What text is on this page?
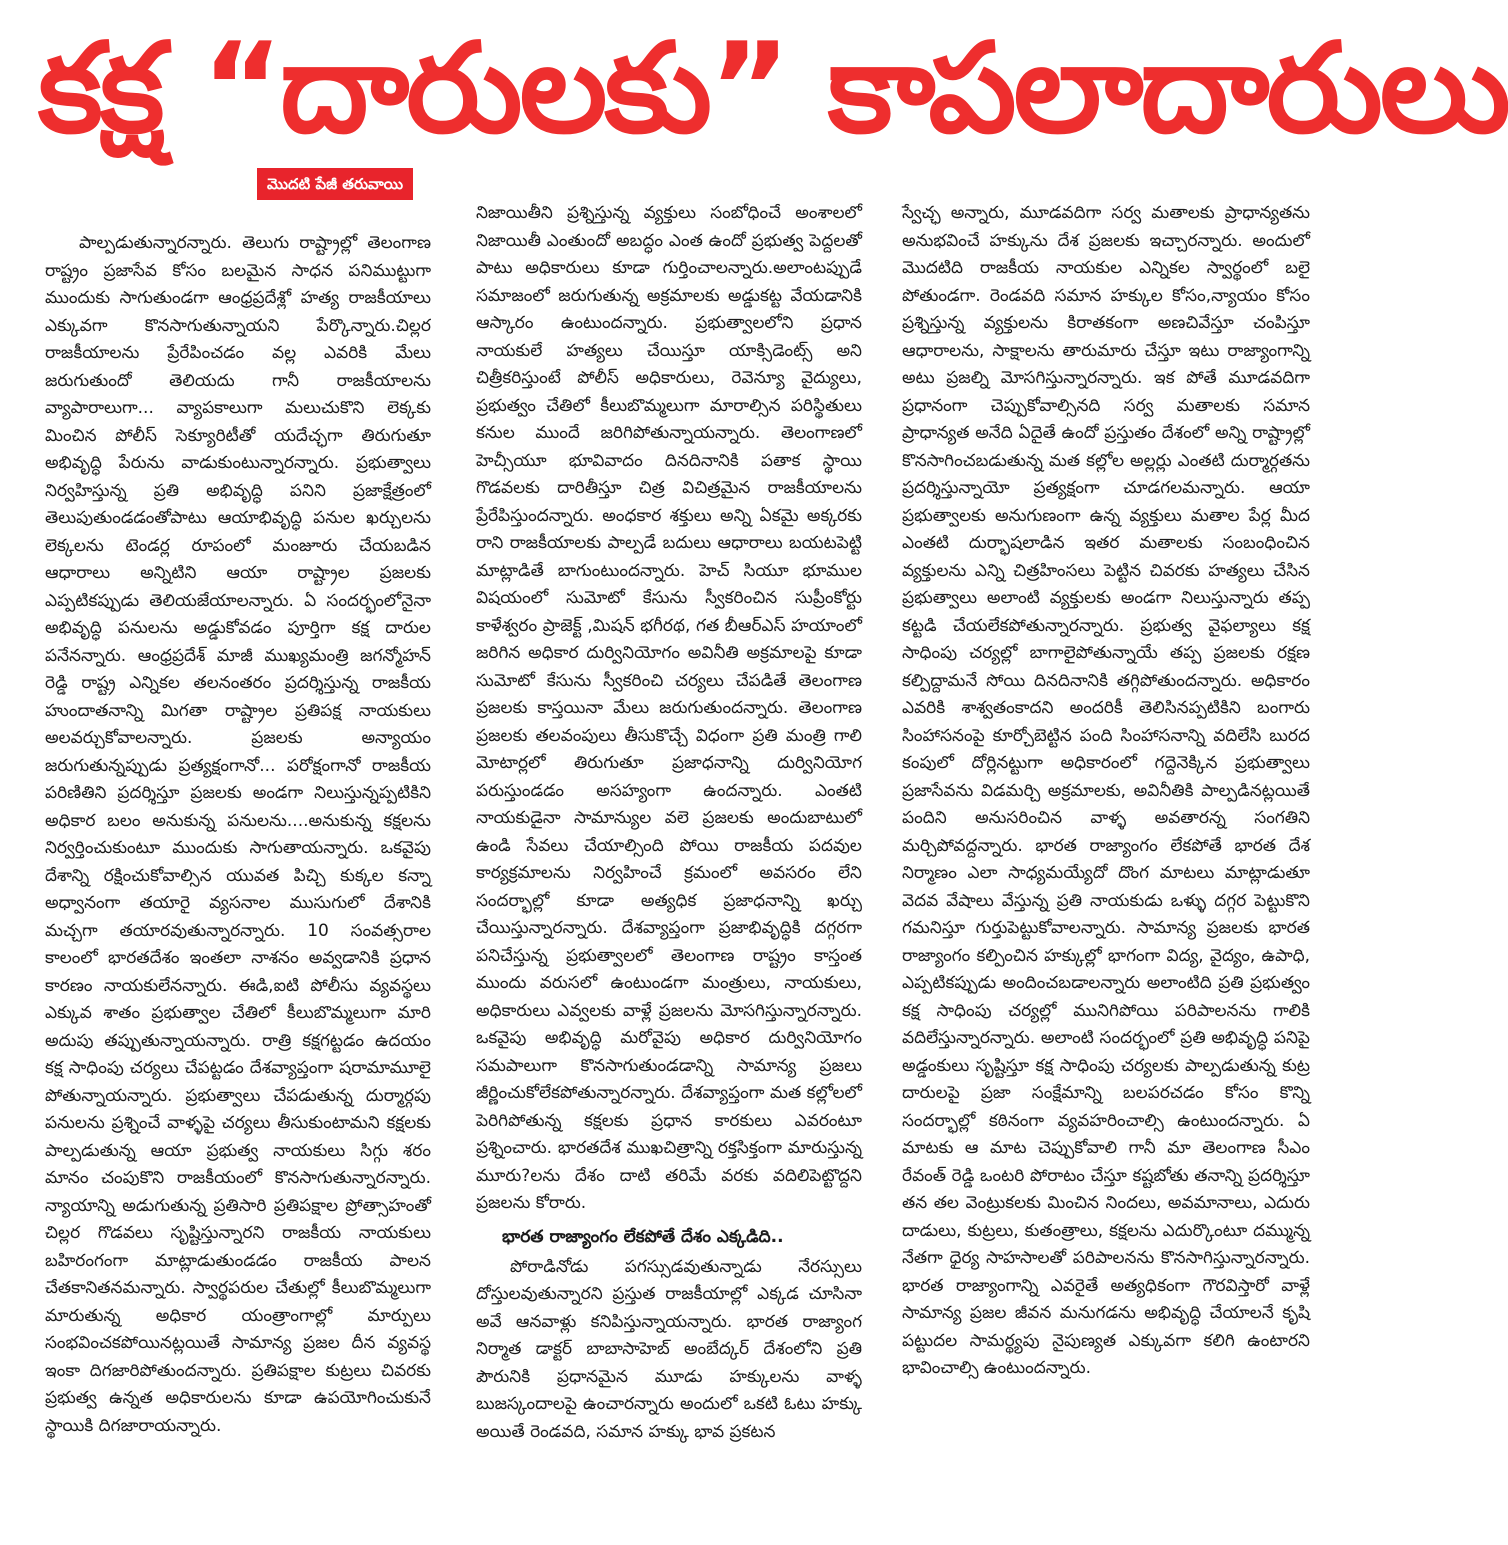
కక్ష “దారులకు” కాపలాదారులు
మొదటి పేజీ తరువాయి

పాల్పడుతున్నారన్నారు. తెలుగు రాష్ట్రాల్లో తెలంగాణ రాష్ట్రం ప్రజాసేవ కోసం బలమైన సాధన పనిముట్టుగా ముందుకు సాగుతుండగా ఆంధ్రప్రదేశ్లో హత్య రాజకీయాలు ఎక్కువగా కొనసాగుతున్నాయని పేర్కొన్నారు.చిల్లర రాజకీయాలను ప్రేరేపించడం వల్ల ఎవరికి మేలు జరుగుతుందో తెలియదు గానీ రాజకీయాలను వ్యాపారాలుగా... వ్యాపకాలుగా మలుచుకొని లెక్కకు మించిన పోలీస్ సెక్యూరిటీతో యదేచ్ఛగా తిరుగుతూ అభివృద్ధి పేరును వాడుకుంటున్నారన్నారు. ప్రభుత్వాలు నిర్వహిస్తున్న ప్రతి అభివృద్ధి పనిని ప్రజాక్షేత్రంలో తెలుపుతుండడంతోపాటు ఆయాభివృద్ధి పనుల ఖర్చులను లెక్కలను టెండర్ల రూపంలో మంజూరు చేయబడిన ఆధారాలు అన్నిటిని ఆయా రాష్ట్రాల ప్రజలకు ఎప్పటికప్పుడు తెలియజేయాలన్నారు. ఏ సందర్భంలోనైనా అభివృద్ధి పనులను అడ్డుకోవడం పూర్తిగా కక్ష దారుల పనేనన్నారు. ఆంధ్రప్రదేశ్ మాజీ ముఖ్యమంత్రి జగన్మోహన్ రెడ్డి రాష్ట్ర ఎన్నికల తలనంతరం ప్రదర్శిస్తున్న రాజకీయ హుందాతనాన్ని మిగతా రాష్ట్రాల ప్రతిపక్ష నాయకులు అలవర్చుకోవాలన్నారు. ప్రజలకు అన్యాయం జరుగుతున్నప్పుడు ప్రత్యక్షంగానో... పరోక్షంగానో రాజకీయ పరిణితిని ప్రదర్శిస్తూ ప్రజలకు అండగా నిలుస్తున్నప్పటికిని అధికార బలం అనుకున్న పనులను....అనుకున్న కక్షలను నిర్వర్తించుకుంటూ ముందుకు సాగుతాయన్నారు. ఒకవైపు దేశాన్ని రక్షించుకోవాల్సిన యువత పిచ్చి కుక్కల కన్నా అధ్వానంగా తయారై వ్యసనాల ముసుగులో దేశానికి మచ్చగా తయారవుతున్నారన్నారు. 10 సంవత్సరాల కాలంలో భారతదేశం ఇంతలా నాశనం అవ్వడానికి ప్రధాన కారణం నాయకులేనన్నారు. ఈడి,ఐటి పోలీసు వ్యవస్థలు ఎక్కువ శాతం ప్రభుత్వాల చేతిలో కీలుబొమ్మలుగా మారి అదుపు తప్పుతున్నాయన్నారు. రాత్రి కక్షగట్టడం ఉదయం కక్ష సాధింపు చర్యలు చేపట్టడం దేశవ్యాప్తంగా షరామామూలై పోతున్నాయన్నారు. ప్రభుత్వాలు చేపడుతున్న దుర్మార్గపు పనులను ప్రశ్నించే వాళ్ళపై చర్యలు తీసుకుంటామని కక్షలకు పాల్పడుతున్న ఆయా ప్రభుత్వ నాయకులు సిగ్గు శరం మానం చంపుకొని రాజకీయంలో కొనసాగుతున్నారన్నారు. న్యాయాన్ని అడుగుతున్న ప్రతిసారి ప్రతిపక్షాల ప్రోత్సాహంతో చిల్లర గొడవలు సృష్టిస్తున్నారని రాజకీయ నాయకులు బహిరంగంగా మాట్లాడుతుండడం రాజకీయ పాలన చేతకానితనమన్నారు. స్వార్థపరుల చేతుల్లో కీలుబొమ్మలుగా మారుతున్న అధికార యంత్రాంగాల్లో మార్పులు సంభవించకపోయినట్లయితే సామాన్య ప్రజల దీన వ్యవస్థ ఇంకా దిగజారిపోతుందన్నారు. ప్రతిపక్షాల కుట్రలు చివరకు ప్రభుత్వ ఉన్నత అధికారులను కూడా ఉపయోగించుకునే స్థాయికి దిగజారాయన్నారు.

నిజాయితీని ప్రశ్నిస్తున్న వ్యక్తులు సంబోధించే అంశాలలో నిజాయితీ ఎంతుందో అబద్ధం ఎంత ఉందో ప్రభుత్వ పెద్దలతో పాటు అధికారులు కూడా గుర్తించాలన్నారు.అలాంటప్పుడే సమాజంలో జరుగుతున్న అక్రమాలకు అడ్డుకట్ట వేయడానికి ఆస్కారం ఉంటుందన్నారు. ప్రభుత్వాలలోని ప్రధాన నాయకులే హత్యలు చేయిస్తూ యాక్సిడెంట్స్ అని చిత్రీకరిస్తుంటే పోలీస్ అధికారులు, రెవెన్యూ వైద్యులు, ప్రభుత్వం చేతిలో కీలుబొమ్మలుగా మారాల్సిన పరిస్థితులు కనుల ముందే జరిగిపోతున్నాయన్నారు. తెలంగాణలో హెచ్సీయూ భూవివాదం దినదినానికి పతాక స్థాయి గొడవలకు దారితీస్తూ చిత్ర విచిత్రమైన రాజకీయాలను ప్రేరేపిస్తుందన్నారు. అంధకార శక్తులు అన్ని ఏకమై అక్కరకు రాని రాజకీయాలకు పాల్పడే బదులు ఆధారాలు బయటపెట్టి మాట్లాడితే బాగుంటుందన్నారు. హెచ్ సియూ భూముల విషయంలో సుమోటో కేసును స్వీకరించిన సుప్రీంకోర్టు కాళేశ్వరం ప్రాజెక్ట్ ,మిషన్ భగీరథ, గత బీఆర్ఎస్ హయాంలో జరిగిన అధికార దుర్వినియోగం అవినీతి అక్రమాలపై కూడా సుమోటో కేసును స్వీకరించి చర్యలు చేపడితే తెలంగాణ ప్రజలకు కాస్తయినా మేలు జరుగుతుందన్నారు. తెలంగాణ ప్రజలకు తలవంపులు తీసుకొచ్చే విధంగా ప్రతి మంత్రి గాలి మోటార్లలో తిరుగుతూ ప్రజాధనాన్ని దుర్వినియోగ పరుస్తుండడం అసహ్యంగా ఉందన్నారు. ఎంతటి నాయకుడైనా సామాన్యుల వలె ప్రజలకు అందుబాటులో ఉండి సేవలు చేయాల్సింది పోయి రాజకీయ పదవుల కార్యక్రమాలను నిర్వహించే క్రమంలో అవసరం లేని సందర్భాల్లో కూడా అత్యధిక ప్రజాధనాన్ని ఖర్చు చేయిస్తున్నారన్నారు. దేశవ్యాప్తంగా ప్రజాభివృద్ధికి దగ్గరగా పనిచేస్తున్న ప్రభుత్వాలలో తెలంగాణ రాష్ట్రం కాస్తంత ముందు వరుసలో ఉంటుండగా మంత్రులు, నాయకులు, అధికారులు ఎవ్వలకు వాళ్లే ప్రజలను మోసగిస్తున్నారన్నారు. ఒకవైపు అభివృద్ధి మరోవైపు అధికార దుర్వినియోగం సమపాలుగా కొనసాగుతుండడాన్ని సామాన్య ప్రజలు జీర్ణించుకోలేకపోతున్నారన్నారు. దేశవ్యాప్తంగా మత కల్లోలలో పెరిగిపోతున్న కక్షలకు ప్రధాన కారకులు ఎవరంటూ ప్రశ్నించారు. భారతదేశ ముఖచిత్రాన్ని రక్తసిక్తంగా మారుస్తున్న మూరు?లను దేశం దాటి తరిమే వరకు వదిలిపెట్టొద్దని ప్రజలను కోరారు.

భారత రాజ్యాంగం లేకపోతే దేశం ఎక్కడిది..

పోరాడినోడు పగస్సుడవుతున్నాడు నేరస్సులు దోస్తులవుతున్నారని ప్రస్తుత రాజకీయాల్లో ఎక్కడ చూసినా అవే ఆనవాళ్లు కనిపిస్తున్నాయన్నారు. భారత రాజ్యాంగ నిర్మాత డాక్టర్ బాబాసాహెబ్ అంబేద్కర్ దేశంలోని ప్రతి పౌరునికి ప్రధానమైన మూడు హక్కులను వాళ్ళ బుజస్కందాలపై ఉంచారన్నారు అందులో ఒకటి ఓటు హక్కు అయితే రెండవది, సమాన హక్కు భావ ప్రకటన

స్వేచ్ఛ అన్నారు, మూడవదిగా సర్వ మతాలకు ప్రాధాన్యతను అనుభవించే హక్కును దేశ ప్రజలకు ఇచ్చారన్నారు. అందులో మొదటిది రాజకీయ నాయకుల ఎన్నికల స్వార్థంలో బలై పోతుండగా. రెండవది సమాన హక్కుల కోసం,న్యాయం కోసం ప్రశ్నిస్తున్న వ్యక్తులను కిరాతకంగా అణచివేస్తూ చంపిస్తూ ఆధారాలను, సాక్షాలను తారుమారు చేస్తూ ఇటు రాజ్యాంగాన్ని అటు ప్రజల్ని మోసగిస్తున్నారన్నారు. ఇక పోతే మూడవదిగా ప్రధానంగా చెప్పుకోవాల్సినది సర్వ మతాలకు సమాన ప్రాధాన్యత అనేది ఏదైతే ఉందో ప్రస్తుతం దేశంలో అన్ని రాష్ట్రాల్లో కొనసాగించబడుతున్న మత కల్లోల అల్లర్లు ఎంతటి దుర్మార్గతను ప్రదర్శిస్తున్నాయో ప్రత్యక్షంగా చూడగలమన్నారు. ఆయా ప్రభుత్వాలకు అనుగుణంగా ఉన్న వ్యక్తులు మతాల పేర్ల మీద ఎంతటి దుర్భాషలాడిన ఇతర మతాలకు సంబంధించిన వ్యక్తులను ఎన్ని చిత్రహింసలు పెట్టిన చివరకు హత్యలు చేసిన ప్రభుత్వాలు అలాంటి వ్యక్తులకు అండగా నిలుస్తున్నారు తప్ప కట్టడి చేయలేకపోతున్నారన్నారు. ప్రభుత్వ వైఫల్యాలు కక్ష సాధింపు చర్యల్లో బాగాలైపోతున్నాయే తప్ప ప్రజలకు రక్షణ కల్పిద్దామనే సోయి దినదినానికి తగ్గిపోతుందన్నారు. అధికారం ఎవరికి శాశ్వతంకాదని అందరికీ తెలిసినప్పటికిని బంగారు సింహాసనంపై కూర్చోబెట్టిన పంది సింహాసనాన్ని వదిలేసి బురద కంపులో దోర్లినట్టుగా అధికారంలో గద్దెనెక్కిన ప్రభుత్వాలు ప్రజాసేవను విడమర్చి అక్రమాలకు, అవినీతికి పాల్పడినట్లయితే పందిని అనుసరించిన వాళ్ళ అవతారన్న సంగతిని మర్చిపోవద్దన్నారు. భారత రాజ్యాంగం లేకపోతే భారత దేశ నిర్మాణం ఎలా సాధ్యమయ్యేదో దొంగ మాటలు మాట్లాడుతూ వెదవ వేషాలు వేస్తున్న ప్రతి నాయకుడు ఒళ్ళు దగ్గర పెట్టుకొని గమనిస్తూ గుర్తుపెట్టుకోవాలన్నారు. సామాన్య ప్రజలకు భారత రాజ్యాంగం కల్పించిన హక్కుల్లో భాగంగా విద్య, వైద్యం, ఉపాధి, ఎప్పటికప్పుడు అందించబడాలన్నారు అలాంటిది ప్రతి ప్రభుత్వం కక్ష సాధింపు చర్యల్లో మునిగిపోయి పరిపాలనను గాలికి వదిలేస్తున్నారన్నారు. అలాంటి సందర్భంలో ప్రతి అభివృద్ధి పనిపై అడ్డంకులు సృష్టిస్తూ కక్ష సాధింపు చర్యలకు పాల్పడుతున్న కుట్ర దారులపై ప్రజా సంక్షేమాన్ని బలపరచడం కోసం కొన్ని సందర్భాల్లో కఠినంగా వ్యవహరించాల్సి ఉంటుందన్నారు. ఏ మాటకు ఆ మాట చెప్పుకోవాలి గానీ మా తెలంగాణ సీఎం రేవంత్ రెడ్డి ఒంటరి పోరాటం చేస్తూ కష్టబోతు తనాన్ని ప్రదర్శిస్తూ తన తల వెంట్రుకలకు మించిన నిందలు, అవమానాలు, ఎదురు దాడులు, కుట్రలు, కుతంత్రాలు, కక్షలను ఎదుర్కొంటూ దమ్మున్న నేతగా ధైర్య సాహసాలతో పరిపాలనను కొనసాగిస్తున్నారన్నారు. భారత రాజ్యాంగాన్ని ఎవరైతే అత్యధికంగా గౌరవిస్తారో వాళ్లే సామాన్య ప్రజల జీవన మనుగడను అభివృద్ధి చేయాలనే కృషి పట్టుదల సామర్థ్యపు నైపుణ్యత ఎక్కువగా కలిగి ఉంటారని భావించాల్సి ఉంటుందన్నారు.
